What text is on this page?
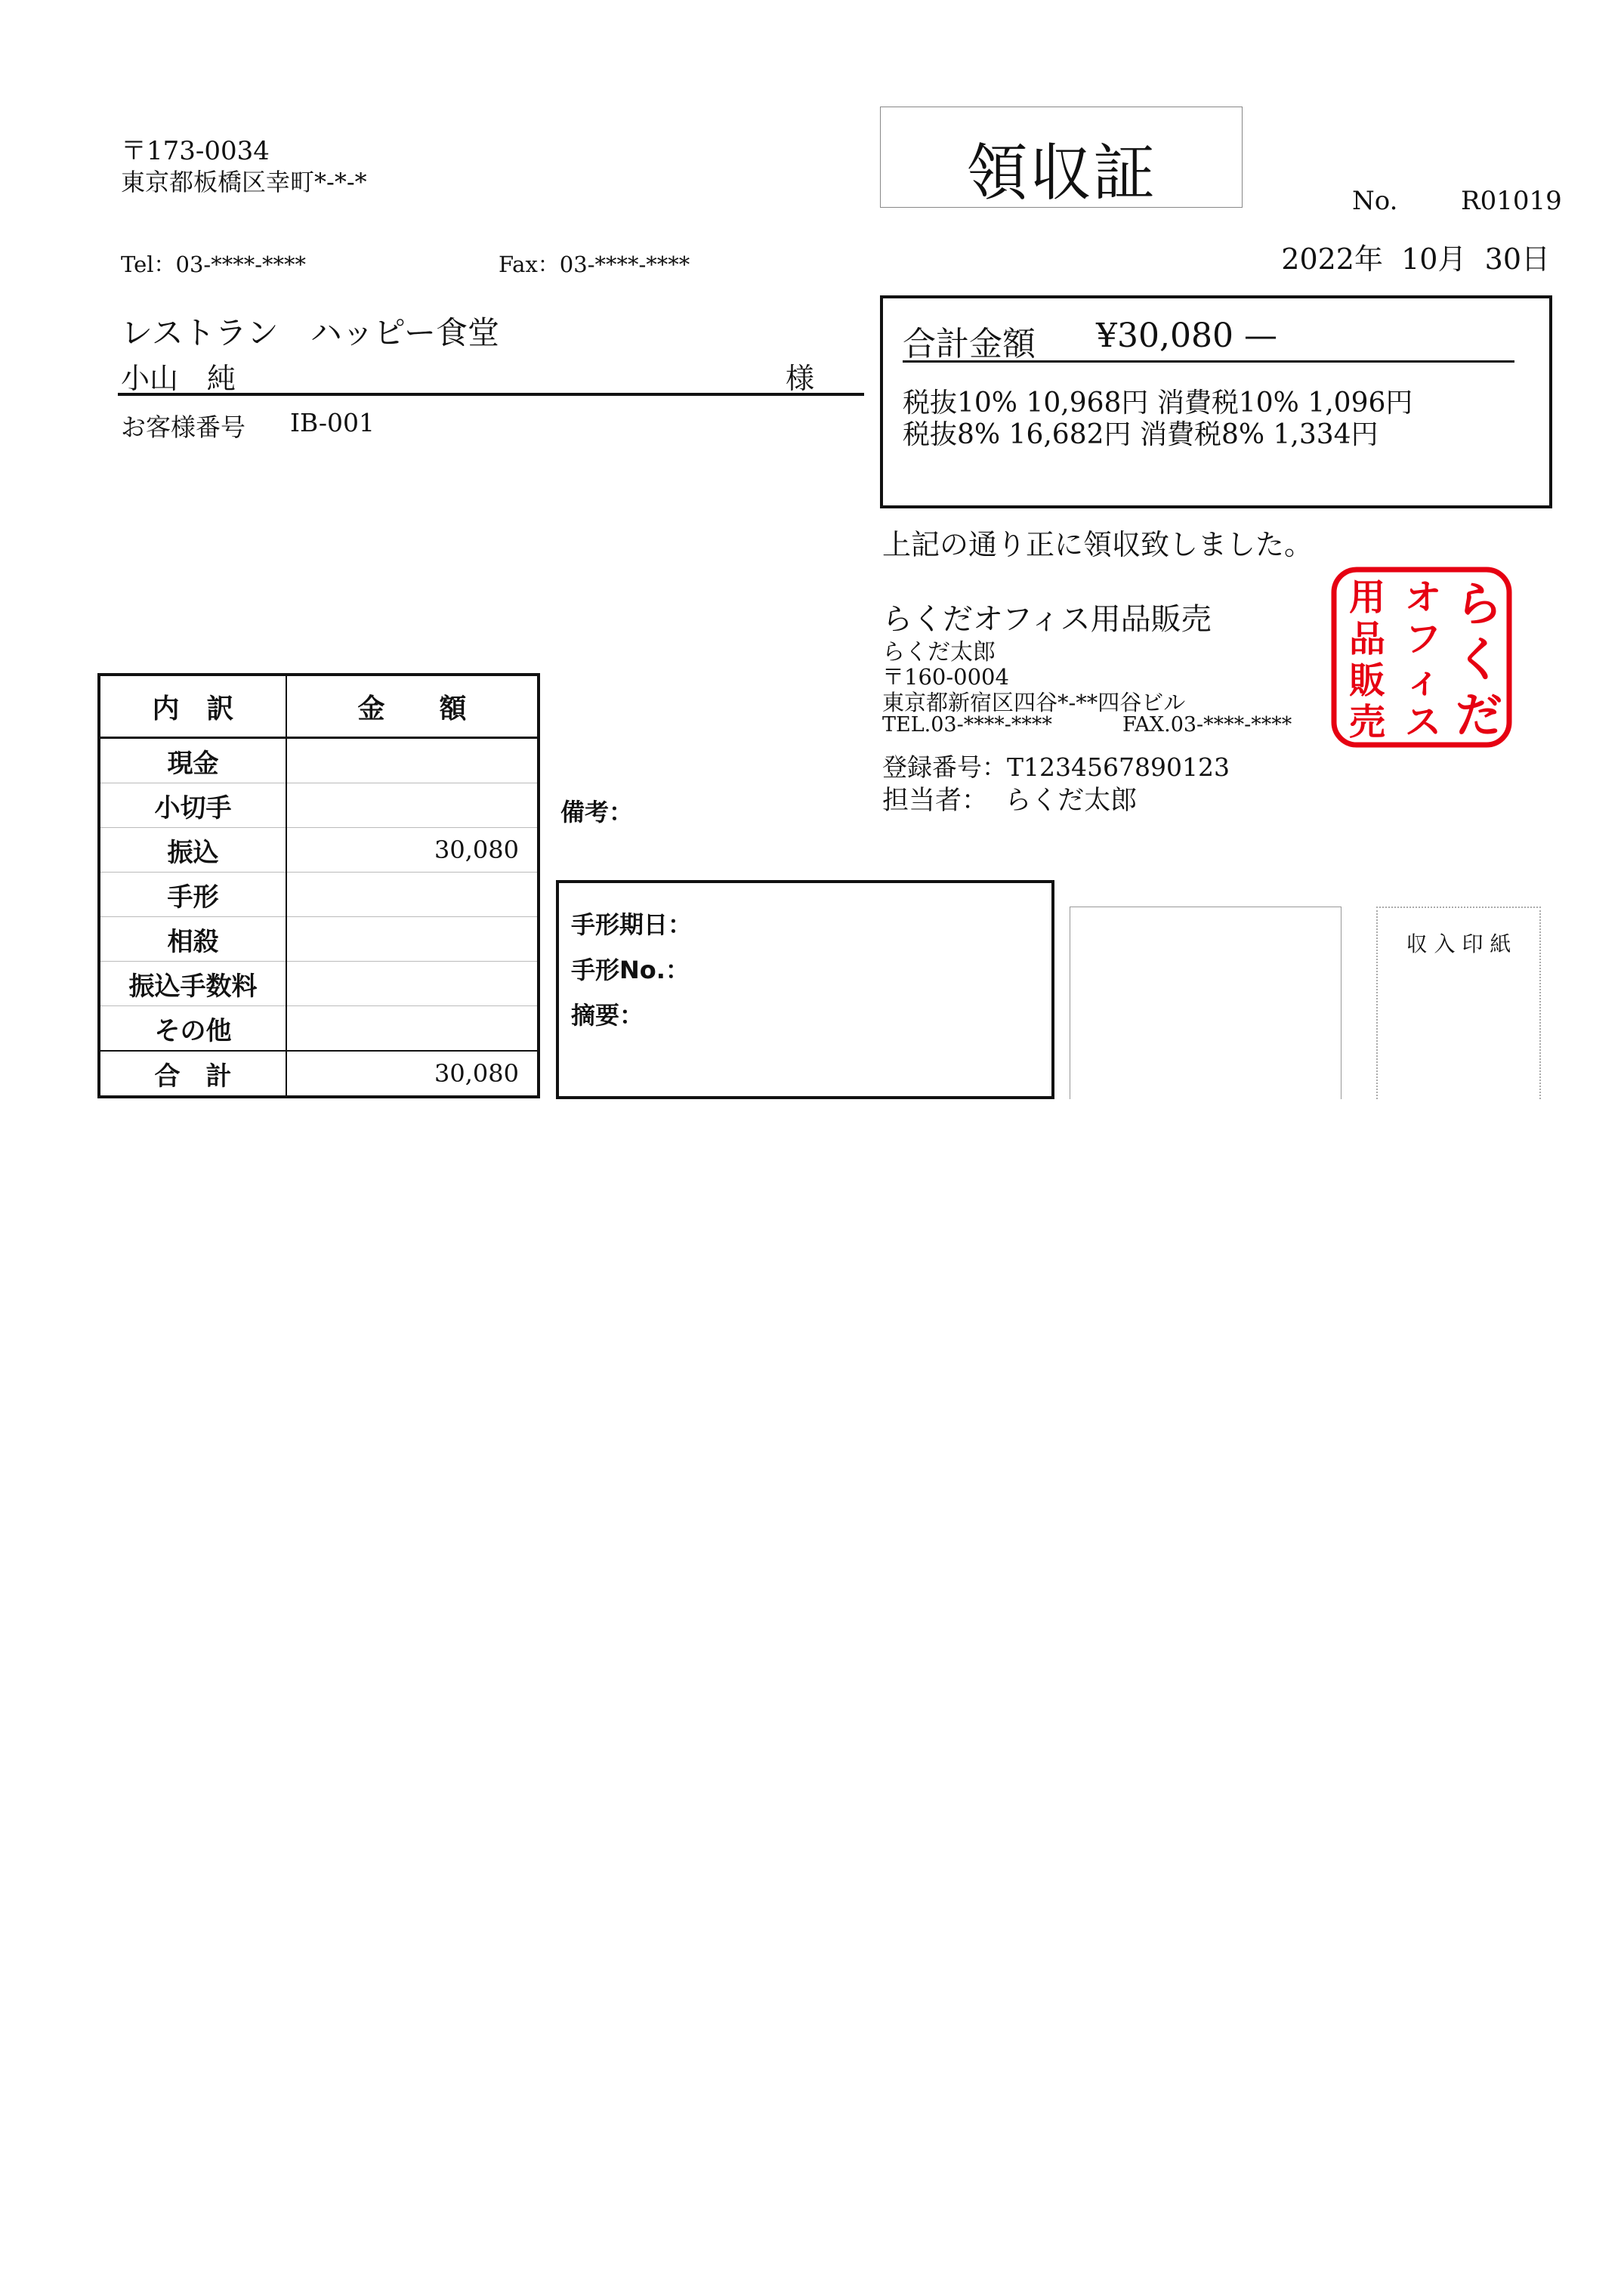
〒173-0034
東京都板橋区幸町*-*-*
Tel：03-****-****	Fax：03-****-****
領収証	No. R01019
2022年  10月  30日
レストラン　ハッピー食堂
小山　純	様
お客様番号 IB-001
合計金額 ¥30,080 —
税抜10% 10,968円 消費税10% 1,096円
税抜8% 16,682円 消費税8% 1,334円
上記の通り正に領収致しました。
らくだオフィス用品販売
らくだ太郎
〒160-0004
東京都新宿区四谷*-**四谷ビル
TEL.03-****-****	FAX.03-****-****
登録番号：T1234567890123
担当者：  らくだ太郎
ら
く
だ
オ
フ
ィ
ス
用
品
販
売
内　訳	金　　額
現金	
小切手	
振込	30,080
手形	
相殺	
振込手数料	
その他	
合　計	30,080
備考：
手形期日：
手形No.：
摘要：
収 入 印 紙
